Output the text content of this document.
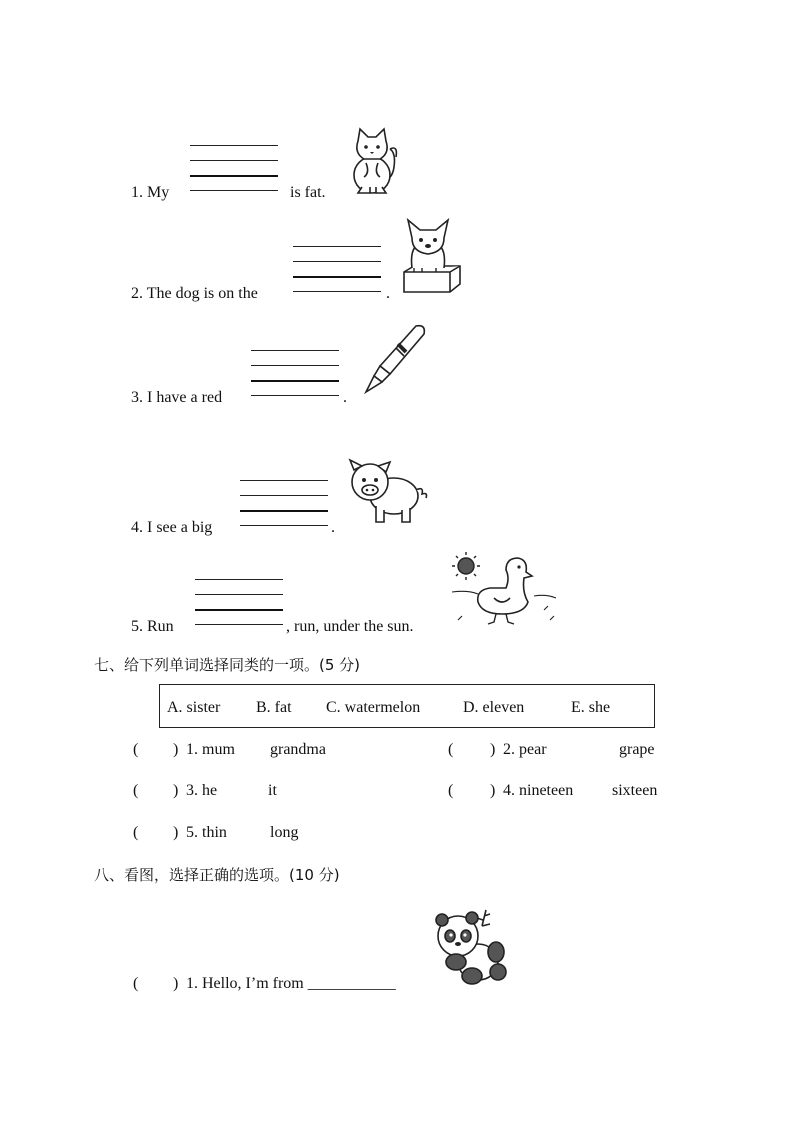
1. My	is fat.
2. The dog is on the	.
3. I have a red	.
4. I see a big	.
5. Run	, run, under the sun.
七、给下列单词选择同类的一项。(5 分)
A. sister B. fat C. watermelon	D. eleven	E. she
( ) 1. mum grandma	( ) 2. pear	grape
( ) 3. he	it	( ) 4. nineteen sixteen
( ) 5. thin	long
八、看图，选择正确的选项。(10 分)
( ) 1. Hello, I’m from ___________
